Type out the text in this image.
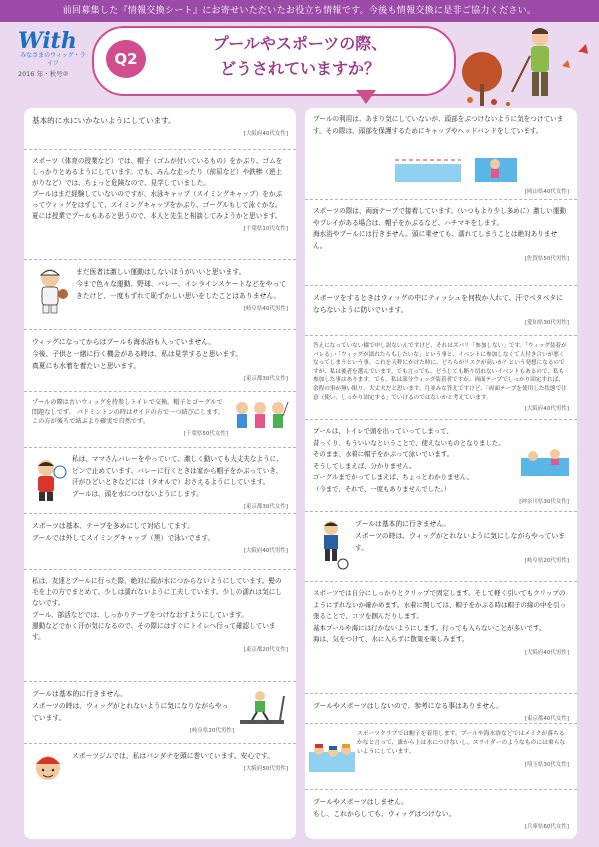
前回募集した『情報交換シート』にお寄せいただいたお役立ち情報です。今後も情報交換に是非ご協力ください。
With
みなさまのウィッグ・ライフ
2016 年・秋号②
Q2
プールやスポーツの際、
どうされていますか？
基本的に水にいかないようにしています。
[大阪府40代女性]
スポーツ（体育の授業など）では、帽子（ゴムが付いているもの）をかぶり、ゴムをしっかりとめるようにしています。でも、みんな走ったり（前屈など）や鉄棒（逆上がりなど）では、ちょっと危険なので、見学していました。
プールはまだ経験していないのですが、水泳キャップ（スイミングキャップ）をかぶってウィッグをはずして、スイミングキャップをかぶり、ゴーグルもして泳ぐかな。
夏には授業でプールもあると思うので、本人と先生と相談してみようかと思います。
[千葉県10代女性]
まだ医者は激しい運動はしないほうがいいと思います。
今まで色々な運動、野球、バレー、インラインスケートなどをやってきたけど、一度もずれて恥ずかしい思いをしたことはありません。
[岐阜県40代男性]
ウィッグになってからはプールも海水浴も入っていません。
今後、子供と一緒に行く機会がある時は、私は見学すると思います。
真夏にも水着を着たいと思います。
[東京都30代女性]
プールの際は古いウィッグを持参しトイレで交換。帽子とゴーグルで問題なしです。 バドミントンの時はサイドの方で一つ結びにします。この方が後ろで結ぶより確実で自然です。
[千葉県50代女性]
私は、ママさんバレーをやっていて、激しく動いても大丈夫なように、ピンで止めています。バレーに行くときは家から帽子をかぶっていき、汗がひどいときなどには（タオルで）おさえるようにしています。
プールは、頭を水につけないようにします。
[東京都30代女性]
スポーツは基本、テープを多めにして対応してます。
プールでは外してスイミングキャップ（黒）で泳いでます。
[大阪府40代男性]
私は、友達とプールに行った際、絶対に頭が水につからないようにしています。髪の毛を上の方でまとめて、少しは濡れないように工夫しています。少しの濡れは気にしないです。
プール、部活などでは、しっかりテープをつけなおすようにしています。
運動などでかく汗が気になるので、その際にはすぐにトイレへ行って確認しています。
[東京都20代女性]
プールは基本的に行きません。
スポーツの時は、ウィッグがとれないように気になりながらやっています。
[岐阜県20代男性]
スポーツジムでは、私はバンダナを頭に巻いています。安心です。
[大阪府50代男性]
プールの利用は、あまり気にしていないが、頭部をぶつけないように気をつけています。その際は、頭部を保護するためにキャップやヘッドバンドをしています。
[岡山県40代女性]
スポーツの際は、両面テープで接着しています。（いつもより少し多めに）激しい運動やプレイがある場合は、帽子をかぶるなど、ハチマキをします。
海水浴やプールには行きません。頭に乗せても、濡れてしまうことは絶対ありません。
[佐賀県50代男性]
スポーツをするときはウィッグの中にティッシュを何枚か入れて、汗でベタベタにならないように防いでいます。
[愛知県30代男性]
答えになっていない様で申し訳ないんですけど、それはズバリ「参加しない」です。「ウィッグ装着がバレる」・「ウィッグが濡れたらもしたいな」という事と、イベントに参加しなくて人付き合いが悪くなってしまうという事。これを天秤にかけた時に、どちらがリスクが高いか？という発想になるのですが、私は後者を選んでいます。でも言っても、どうしても断り切れないイベントもあるので、私も参加した事はあります。でも、私は部分ウィッグ装着者ですが、両面テープでしっかり固定すれば、余程の事が無い限り、大丈夫だと思います。月並みな答えですけど、「両面テープを使用した状態で注意（使い、しっかり固定する」でいけるのではないかと考えています。
[大阪府40代男性]
プールは、トイレで頭を出っていってしまって、
昔っくり、もういいなということで、使えないものとなりました。
そのまま、水着に帽子をかぶって泳いでいます。
そうしてしまえば、分かりません。
ゴーグルまでかってしまえば、ちょっとわかりません。
（今まで、それで、一度もありませんでした。）
[神奈川県30代女性]
プールは基本的に行きません。
スポーツの時は、ウィッグがとれないように気にしながらやっています。
[岐阜県20代男性]
スポーツでは自分にしっかりとクリップで固定します。そして軽く引いてもクリップのようにずれないか確かめます。水着に関しては、帽子をかぶる時は帽子の縁の中を引っ張ることで、コツを掴んだりします。
基本プールや海には行かないようにします。行っても入らないことが多いです。
海は、気をつけて、水に入らずに散策を楽しみます。
[大阪府40代男性]
プールやスポーツはしないので、参考になる事はありません。
[東京都40代女性]
スポーツクラブでは帽子を着用します。プールや海水浴などではメイクが落ちるかなと言って、誰から上は水につけないし、スライダーのようなものには乗らないようにしています。
[埼玉県30代女性]
プールやスポーツはしません。
もし、これからしても、ウィッグはつけない。
[兵庫県60代女性]
